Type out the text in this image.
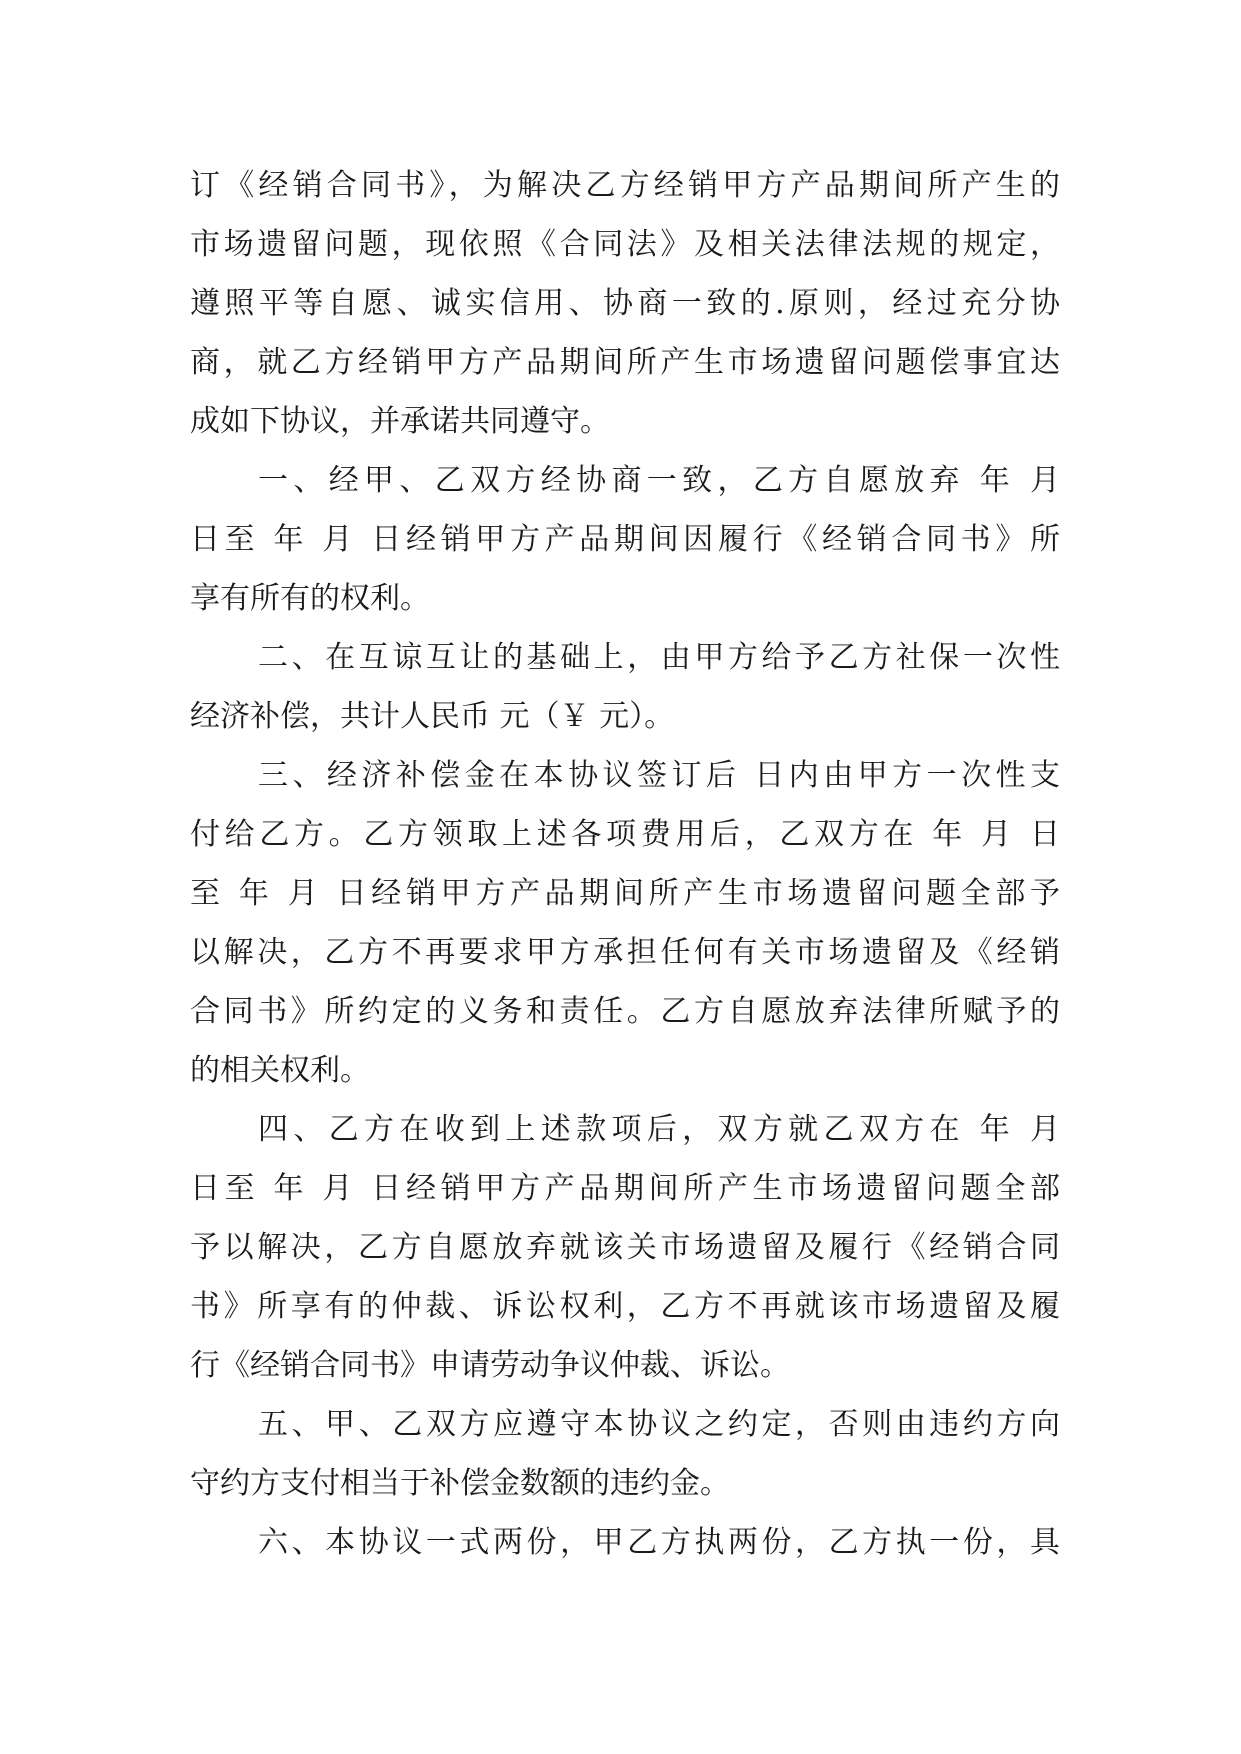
订《经销合同书》，为解决乙方经销甲方产品期间所产生的
市场遗留问题，现依照《合同法》及相关法律法规的规定，
遵照平等自愿、诚实信用、协商一致的.原则，经过充分协
商，就乙方经销甲方产品期间所产生市场遗留问题偿事宜达
成如下协议，并承诺共同遵守。
一、经甲、乙双方经协商一致，乙方自愿放弃 年 月
日至 年 月 日经销甲方产品期间因履行《经销合同书》所
享有所有的权利。
二、在互谅互让的基础上，由甲方给予乙方社保一次性
经济补偿，共计人民币 元（￥ 元）。
三、经济补偿金在本协议签订后 日内由甲方一次性支
付给乙方。乙方领取上述各项费用后，乙双方在 年 月 日
至 年 月 日经销甲方产品期间所产生市场遗留问题全部予
以解决，乙方不再要求甲方承担任何有关市场遗留及《经销
合同书》所约定的义务和责任。乙方自愿放弃法律所赋予的
的相关权利。
四、乙方在收到上述款项后，双方就乙双方在 年 月
日至 年 月 日经销甲方产品期间所产生市场遗留问题全部
予以解决，乙方自愿放弃就该关市场遗留及履行《经销合同
书》所享有的仲裁、诉讼权利，乙方不再就该市场遗留及履
行《经销合同书》申请劳动争议仲裁、诉讼。
五、甲、乙双方应遵守本协议之约定，否则由违约方向
守约方支付相当于补偿金数额的违约金。
六、本协议一式两份，甲乙方执两份，乙方执一份，具
